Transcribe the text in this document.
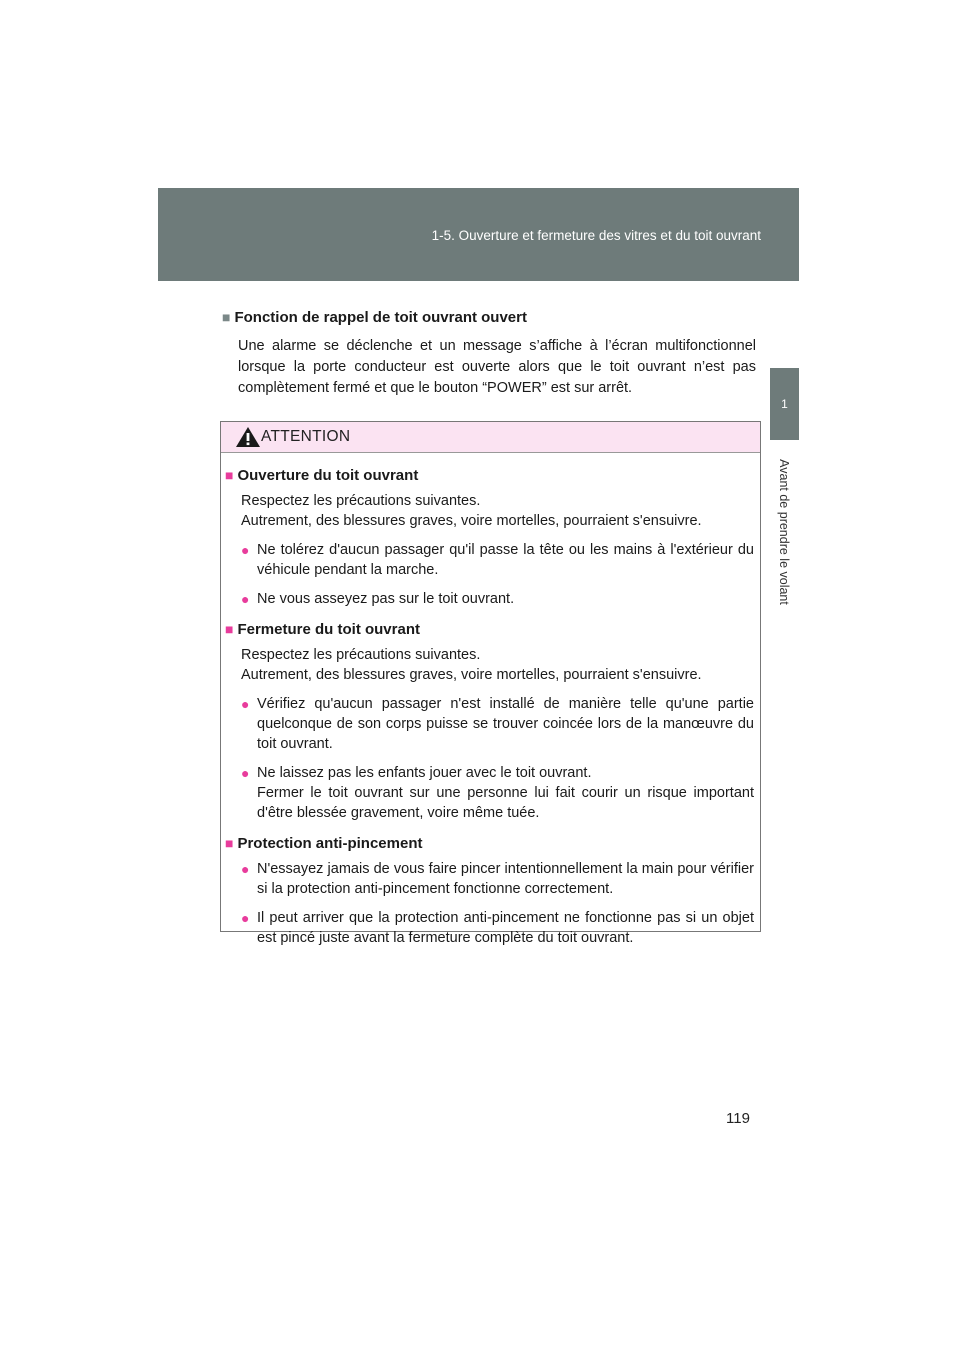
1-5. Ouverture et fermeture des vitres et du toit ouvrant
1
Avant de prendre le volant

■ Fonction de rappel de toit ouvrant ouvert

Une alarme se déclenche et un message s’affiche à l’écran multifonctionnel lorsque la porte conducteur est ouverte alors que le toit ouvrant n’est pas complètement fermé et que le bouton “POWER” est sur arrêt.

ATTENTION

■ Ouverture du toit ouvrant

Respectez les précautions suivantes.
Autrement, des blessures graves, voire mortelles, pourraient s'ensuivre.

● Ne tolérez d'aucun passager qu'il passe la tête ou les mains à l'extérieur du véhicule pendant la marche.

● Ne vous asseyez pas sur le toit ouvrant.

■ Fermeture du toit ouvrant

Respectez les précautions suivantes.
Autrement, des blessures graves, voire mortelles, pourraient s'ensuivre.

● Vérifiez qu'aucun passager n'est installé de manière telle qu'une partie quelconque de son corps puisse se trouver coincée lors de la manœuvre du toit ouvrant.

● Ne laissez pas les enfants jouer avec le toit ouvrant.
Fermer le toit ouvrant sur une personne lui fait courir un risque important d'être blessée gravement, voire même tuée.

■ Protection anti-pincement

● N'essayez jamais de vous faire pincer intentionnellement la main pour vérifier si la protection anti-pincement fonctionne correctement.

● Il peut arriver que la protection anti-pincement ne fonctionne pas si un objet est pincé juste avant la fermeture complète du toit ouvrant.

119
